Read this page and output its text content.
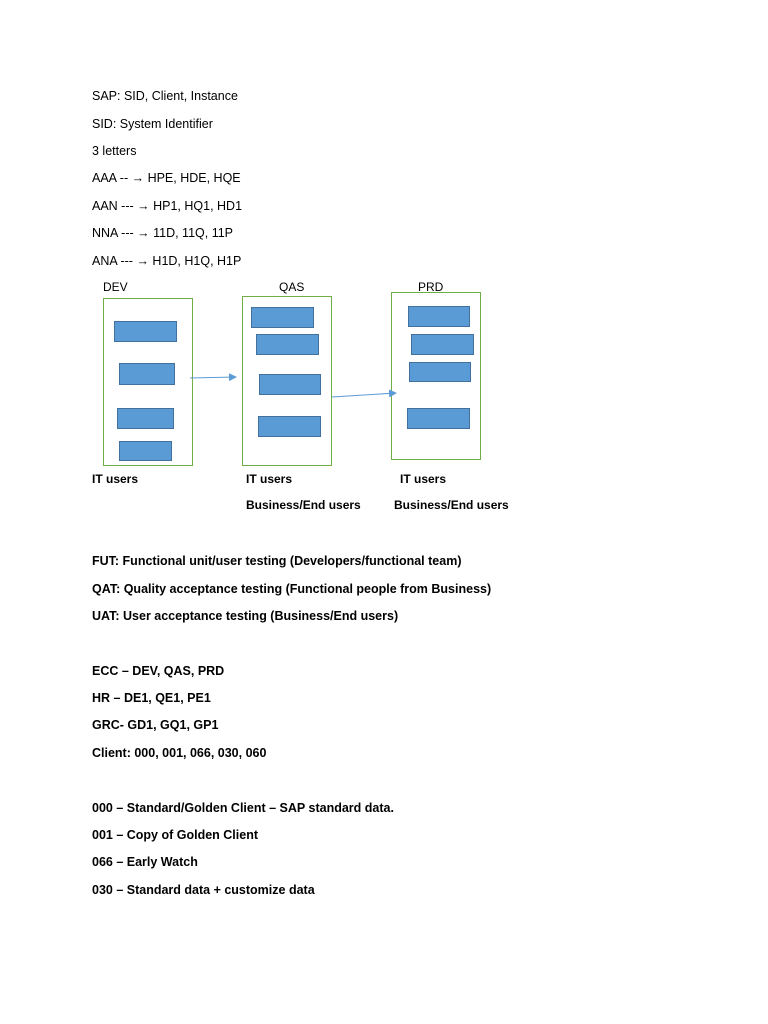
SAP: SID, Client, Instance
SID: System Identifier
3 letters
AAA -- → HPE, HDE, HQE
AAN --- → HP1, HQ1, HD1
NNA --- → 11D, 11Q, 11P
ANA --- → H1D, H1Q, H1P
DEV	QAS	PRD
IT users	IT users
Business/End users
IT users
Business/End users
FUT: Functional unit/user testing (Developers/functional team)
QAT: Quality acceptance testing (Functional people from Business)
UAT: User acceptance testing (Business/End users)
ECC – DEV, QAS, PRD
HR – DE1, QE1, PE1
GRC- GD1, GQ1, GP1
Client: 000, 001, 066, 030, 060
000 – Standard/Golden Client – SAP standard data.
001 – Copy of Golden Client
066 – Early Watch
030 – Standard data + customize data
